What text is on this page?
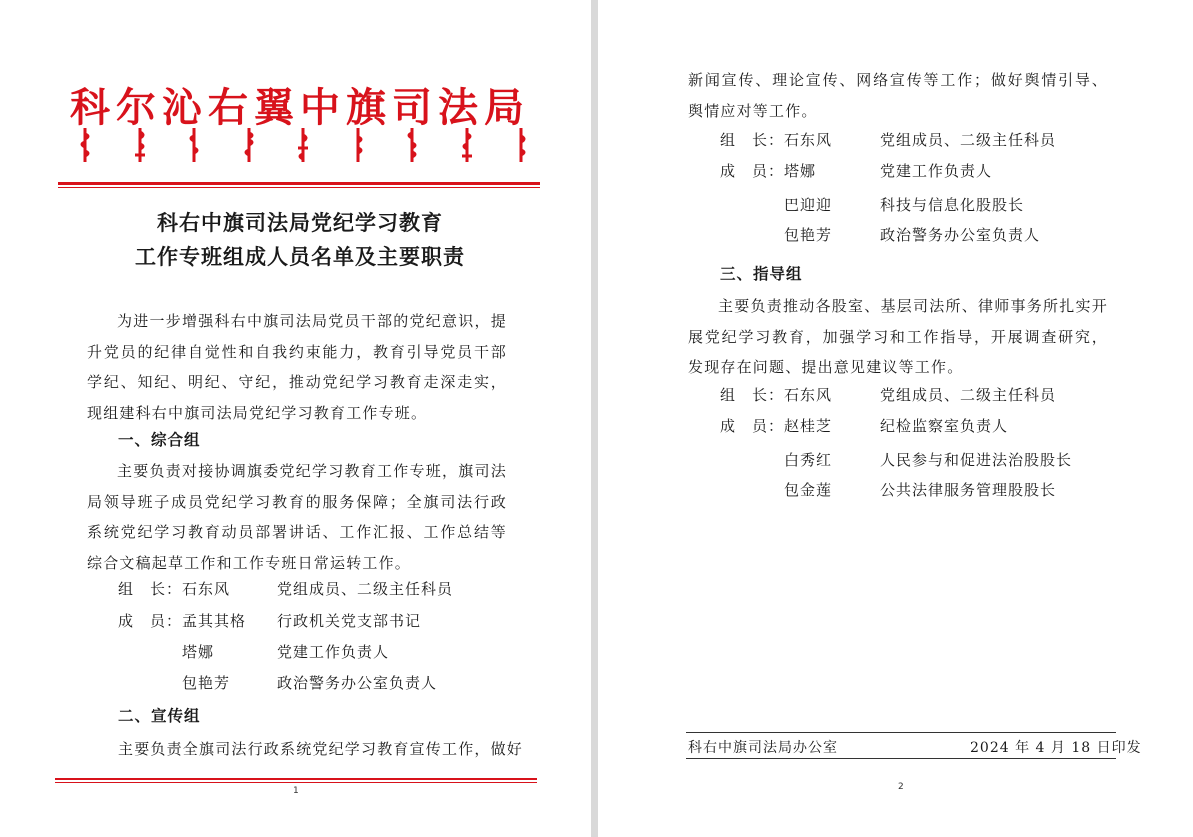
科尔沁右翼中旗司法局
科右中旗司法局党纪学习教育
工作专班组成人员名单及主要职责
为进一步增强科右中旗司法局党员干部的党纪意识，提升党员的纪律自觉性和自我约束能力，教育引导党员干部学纪、知纪、明纪、守纪，推动党纪学习教育走深走实，现组建科右中旗司法局党纪学习教育工作专班。
一、综合组
主要负责对接协调旗委党纪学习教育工作专班，旗司法局领导班子成员党纪学习教育的服务保障；全旗司法行政系统党纪学习教育动员部署讲话、工作汇报、工作总结等综合文稿起草工作和工作专班日常运转工作。
组　长： 石东风	党组成员、二级主任科员
成　员： 孟其其格 行政机关党支部书记
塔娜	党建工作负责人
包艳芳	政治警务办公室负责人
二、宣传组
主要负责全旗司法行政系统党纪学习教育宣传工作，做好
1
新闻宣传、理论宣传、网络宣传等工作；做好舆情引导、舆情应对等工作。
组　长： 石东风	党组成员、二级主任科员
成　员： 塔娜	党建工作负责人
巴迎迎	科技与信息化股股长
包艳芳	政治警务办公室负责人
三、指导组
主要负责推动各股室、基层司法所、律师事务所扎实开展党纪学习教育，加强学习和工作指导，开展调查研究，发现存在问题、提出意见建议等工作。
组　长： 石东风	党组成员、二级主任科员
成　员： 赵桂芝	纪检监察室负责人
白秀红	人民参与和促进法治股股长
包金莲	公共法律服务管理股股长
科右中旗司法局办公室	2024 年 4 月 18 日印发
2
